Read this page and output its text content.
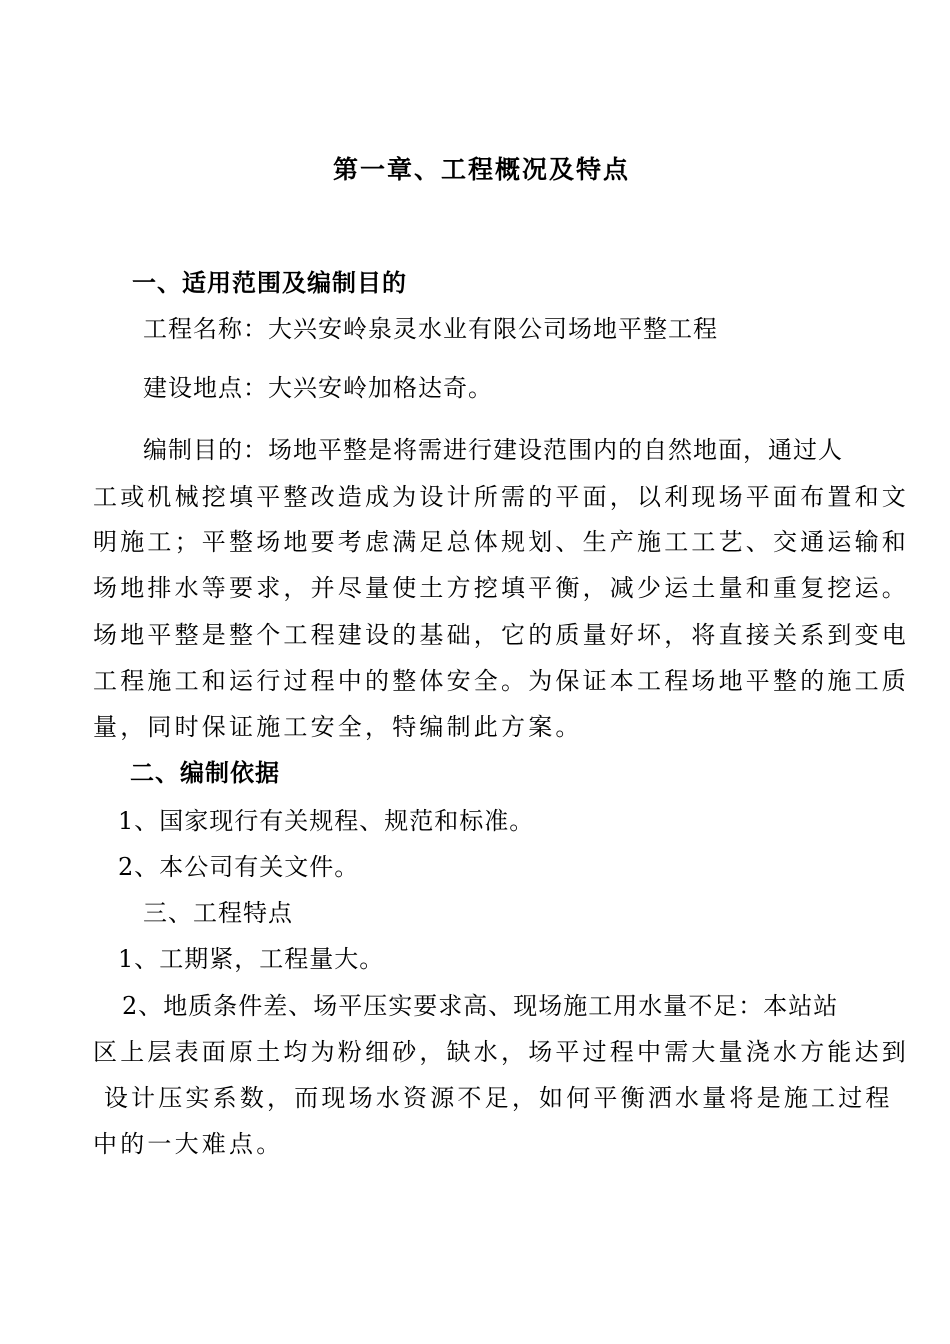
第一章、工程概况及特点
一、适用范围及编制目的
工程名称：大兴安岭泉灵水业有限公司场地平整工程
建设地点：大兴安岭加格达奇。
编制目的：场地平整是将需进行建设范围内的自然地面，通过人
工或机械挖填平整改造成为设计所需的平面，以利现场平面布置和文
明施工；平整场地要考虑满足总体规划、生产施工工艺、交通运输和
场地排水等要求，并尽量使土方挖填平衡，减少运土量和重复挖运。
场地平整是整个工程建设的基础，它的质量好坏，将直接关系到变电
工程施工和运行过程中的整体安全。为保证本工程场地平整的施工质
量，同时保证施工安全，特编制此方案。
二、编制依据
1、国家现行有关规程、规范和标准。
2、本公司有关文件。
三、工程特点
1、工期紧，工程量大。
2、地质条件差、场平压实要求高、现场施工用水量不足：本站站
区上层表面原土均为粉细砂，缺水，场平过程中需大量浇水方能达到
设计压实系数，而现场水资源不足，如何平衡洒水量将是施工过程
中的一大难点。
